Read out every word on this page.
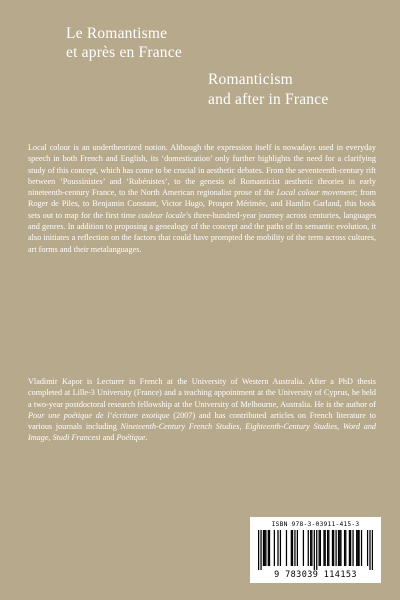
Le Romantisme
et après en France
Romanticism
and after in France

Local colour is an undertheorized notion. Although the expression itself is nowadays used in everyday speech in both French and English, its ‘domestication’ only further highlights the need for a clarifying study of this concept, which has come to be crucial in aesthetic debates. From the seventeenth-century rift between ‘Poussinistes’ and ‘Rubénistes’, to the genesis of Romanticist aesthetic theories in early nineteenth-century France, to the North American regionalist prose of the Local colour movement; from Roger de Piles, to Benjamin Constant, Victor Hugo, Prosper Mérimée, and Hamlin Garland, this book sets out to map for the first time couleur locale’s three-hundred-year journey across centuries, languages and genres. In addition to proposing a genealogy of the concept and the paths of its semantic evolution, it also initiates a reflection on the factors that could have prompted the mobility of the term across cultures, art forms and their metalanguages.

Vladimir Kapor is Lecturer in French at the University of Western Australia. After a PhD thesis completed at Lille-3 University (France) and a teaching appointment at the University of Cyprus, he held a two-year postdoctoral research fellowship at the University of Melbourne, Australia. He is the author of Pour une poétique de l’écriture exotique (2007) and has contributed articles on French literature to various journals including Nineteenth-Century French Studies, Eighteenth-Century Studies, Word and Image, Studi Francesi and Poétique.

ISBN 978-3-03911-415-3
9 783039 114153
